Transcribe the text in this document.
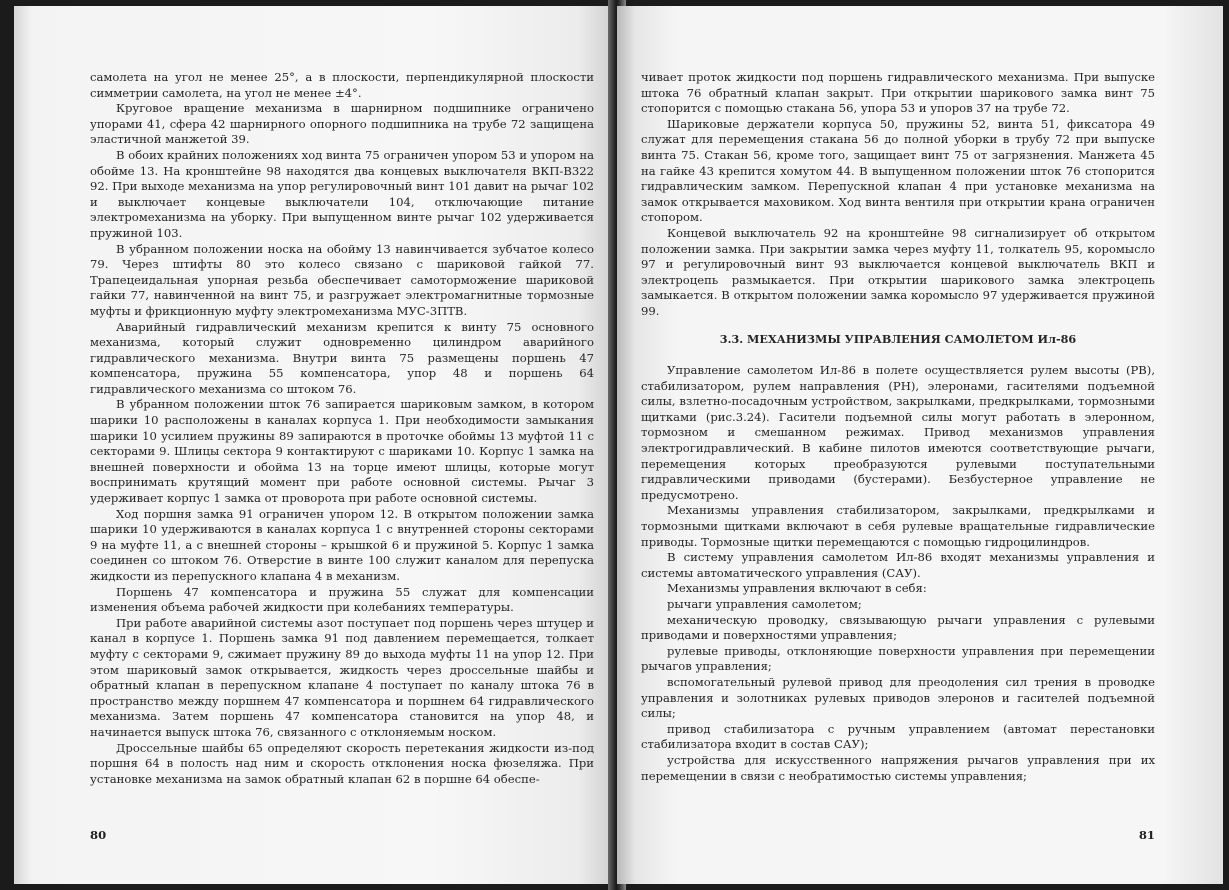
самолета на угол не менее 25°, а в плоскости, перпендикулярной плоскости симметрии самолета, на угол не менее ±4°.

Круговое вращение механизма в шарнирном подшипнике ограничено упорами 41, сфера 42 шарнирного опорного подшипника на трубе 72 защищена эластичной манжетой 39.

В обоих крайних положениях ход винта 75 ограничен упором 53 и упором на обойме 13. На кронштейне 98 находятся два концевых выключателя ВКП-В322 92. При выходе механизма на упор регулировочный винт 101 давит на рычаг 102 и выключает концевые выключатели 104, отключающие питание электромеханизма на уборку. При выпущенном винте рычаг 102 удерживается пружиной 103.

В убранном положении носка на обойму 13 навинчивается зубчатое колесо 79. Через штифты 80 это колесо связано с шариковой гайкой 77. Трапецеидальная упорная резьба обеспечивает самоторможение шариковой гайки 77, навинченной на винт 75, и разгружает электромагнитные тормозные муфты и фрикционную муфту электромеханизма МУС-3ПТВ.

Аварийный гидравлический механизм крепится к винту 75 основного механизма, который служит одновременно цилиндром аварийного гидравлического механизма. Внутри винта 75 размещены поршень 47 компенсатора, пружина 55 компенсатора, упор 48 и поршень 64 гидравлического механизма со штоком 76.

В убранном положении шток 76 запирается шариковым замком, в котором шарики 10 расположены в каналах корпуса 1. При необходимости замыкания шарики 10 усилием пружины 89 запираются в проточке обоймы 13 муфтой 11 с секторами 9. Шлицы сектора 9 контактируют с шариками 10. Корпус 1 замка на внешней поверхности и обойма 13 на торце имеют шлицы, которые могут воспринимать крутящий момент при работе основной системы. Рычаг 3 удерживает корпус 1 замка от проворота при работе основной системы.

Ход поршня замка 91 ограничен упором 12. В открытом положении замка шарики 10 удерживаются в каналах корпуса 1 с внутренней стороны секторами 9 на муфте 11, а с внешней стороны – крышкой 6 и пружиной 5. Корпус 1 замка соединен со штоком 76. Отверстие в винте 100 служит каналом для перепуска жидкости из перепускного клапана 4 в механизм.

Поршень 47 компенсатора и пружина 55 служат для компенсации изменения объема рабочей жидкости при колебаниях температуры.

При работе аварийной системы азот поступает под поршень через штуцер и канал в корпусе 1. Поршень замка 91 под давлением перемещается, толкает муфту с секторами 9, сжимает пружину 89 до выхода муфты 11 на упор 12. При этом шариковый замок открывается, жидкость через дроссельные шайбы и обратный клапан в перепускном клапане 4 поступает по каналу штока 76 в пространство между поршнем 47 компенсатора и поршнем 64 гидравлического механизма. Затем поршень 47 компенсатора становится на упор 48, и начинается выпуск штока 76, связанного с отклоняемым носком.

Дроссельные шайбы 65 определяют скорость перетекания жидкости из-под поршня 64 в полость над ним и скорость отклонения носка фюзеляжа. При установке механизма на замок обратный клапан 62 в поршне 64 обеспе-

80

чивает проток жидкости под поршень гидравлического механизма. При выпуске штока 76 обратный клапан закрыт. При открытии шарикового замка винт 75 стопорится с помощью стакана 56, упора 53 и упоров 37 на трубе 72.

Шариковые держатели корпуса 50, пружины 52, винта 51, фиксатора 49 служат для перемещения стакана 56 до полной уборки в трубу 72 при выпуске винта 75. Стакан 56, кроме того, защищает винт 75 от загрязнения. Манжета 45 на гайке 43 крепится хомутом 44. В выпущенном положении шток 76 стопорится гидравлическим замком. Перепускной клапан 4 при установке механизма на замок открывается маховиком. Ход винта вентиля при открытии крана ограничен стопором.

Концевой выключатель 92 на кронштейне 98 сигнализирует об открытом положении замка. При закрытии замка через муфту 11, толкатель 95, коромысло 97 и регулировочный винт 93 выключается концевой выключатель ВКП и электроцепь размыкается. При открытии шарикового замка электроцепь замыкается. В открытом положении замка коромысло 97 удерживается пружиной 99.

3.3. МЕХАНИЗМЫ УПРАВЛЕНИЯ САМОЛЕТОМ Ил-86

Управление самолетом Ил-86 в полете осуществляется рулем высоты (РВ), стабилизатором, рулем направления (РН), элеронами, гасителями подъемной силы, взлетно-посадочным устройством, закрылками, предкрылками, тормозными щитками (рис.3.24). Гасители подъемной силы могут работать в элеронном, тормозном и смешанном режимах. Привод механизмов управления электрогидравлический. В кабине пилотов имеются соответствующие рычаги, перемещения которых преобразуются рулевыми поступательными гидравлическими приводами (бустерами). Безбустерное управление не предусмотрено.

Механизмы управления стабилизатором, закрылками, предкрылками и тормозными щитками включают в себя рулевые вращательные гидравлические приводы. Тормозные щитки перемещаются с помощью гидроцилиндров.

В систему управления самолетом Ил-86 входят механизмы управления и системы автоматического управления (САУ).

Механизмы управления включают в себя:

рычаги управления самолетом;

механическую проводку, связывающую рычаги управления с рулевыми приводами и поверхностями управления;

рулевые приводы, отклоняющие поверхности управления при перемещении рычагов управления;

вспомогательный рулевой привод для преодоления сил трения в проводке управления и золотниках рулевых приводов элеронов и гасителей подъемной силы;

привод стабилизатора с ручным управлением (автомат перестановки стабилизатора входит в состав САУ);

устройства для искусственного напряжения рычагов управления при их перемещении в связи с необратимостью системы управления;

81
